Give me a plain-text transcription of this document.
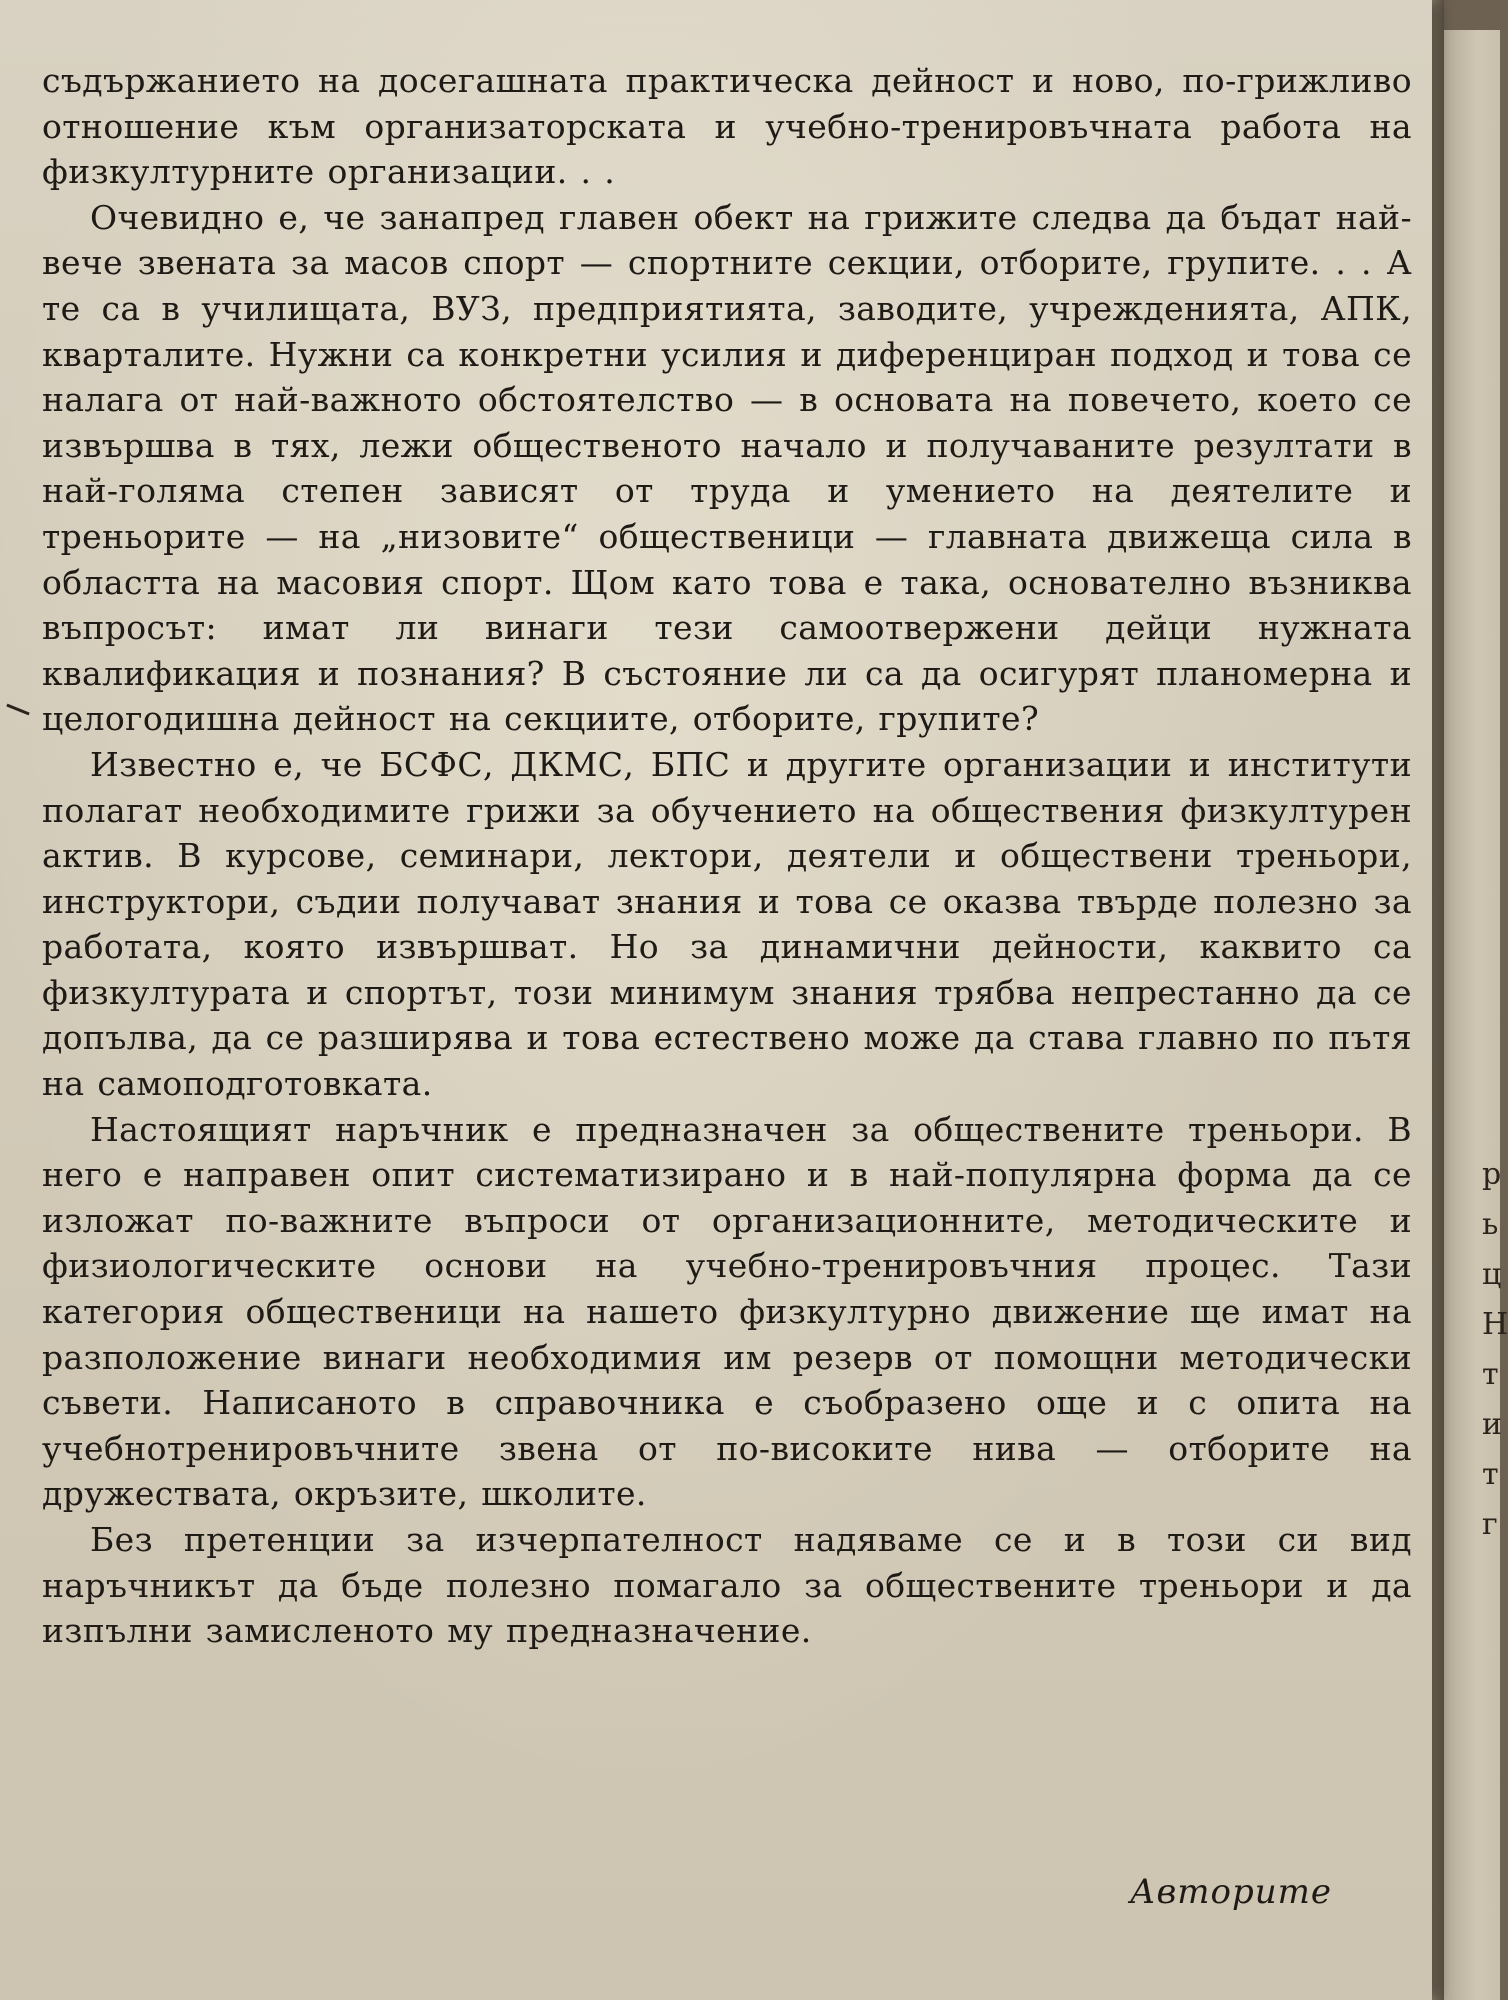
р
ь
ц
Н
т
и
т
г

съдържанието на досегашната практическа дейност и ново, по-грижливо отношение към организаторската и учебно-тренировъчната работа на физкултурните организации. . .

Очевидно е, че занапред главен обект на грижите следва да бъдат най-вече звената за масов спорт — спортните секции, отборите, групите. . . А те са в училищата, ВУЗ, предприятията, заводите, учрежденията, АПК, кварталите. Нужни са конкретни усилия и диференциран подход и това се налага от най-важното обстоятелство — в основата на повечето, което се извършва в тях, лежи общественото начало и получаваните резултати в най-голяма степен зависят от труда и умението на деятелите и треньорите — на „низовите“ общественици — главната движеща сила в областта на масовия спорт. Щом като това е така, основателно възниква въпросът: имат ли винаги тези самоотвержени дейци нужната квалификация и познания? В състояние ли са да осигурят планомерна и целогодишна дейност на секциите, отборите, групите?

Известно е, че БСФС, ДКМС, БПС и другите организации и институти полагат необходимите грижи за обучението на обществения физкултурен актив. В курсове, семинари, лектори, деятели и обществени треньори, инструктори, съдии получават знания и това се оказва твърде полезно за работата, която извършват. Но за динамични дейности, каквито са физкултурата и спортът, този минимум знания трябва непрестанно да се допълва, да се разширява и това естествено може да става главно по пътя на самоподготовката.

Настоящият наръчник е предназначен за обществените треньори. В него е направен опит систематизирано и в най-популярна форма да се изложат по-важните въпроси от организационните, методическите и физиологическите основи на учебно-тренировъчния процес. Тази категория общественици на нашето физкултурно движение ще имат на разположение винаги необходимия им резерв от помощни методически съвети. Написаното в справочника е съобразено още и с опита на учебнотренировъчните звена от по-високите нива — отборите на дружествата, окръзите, школите.

Без претенции за изчерпателност надяваме се и в този си вид наръчникът да бъде полезно помагало за обществените треньори и да изпълни замисленото му предназначение.

Авторите
